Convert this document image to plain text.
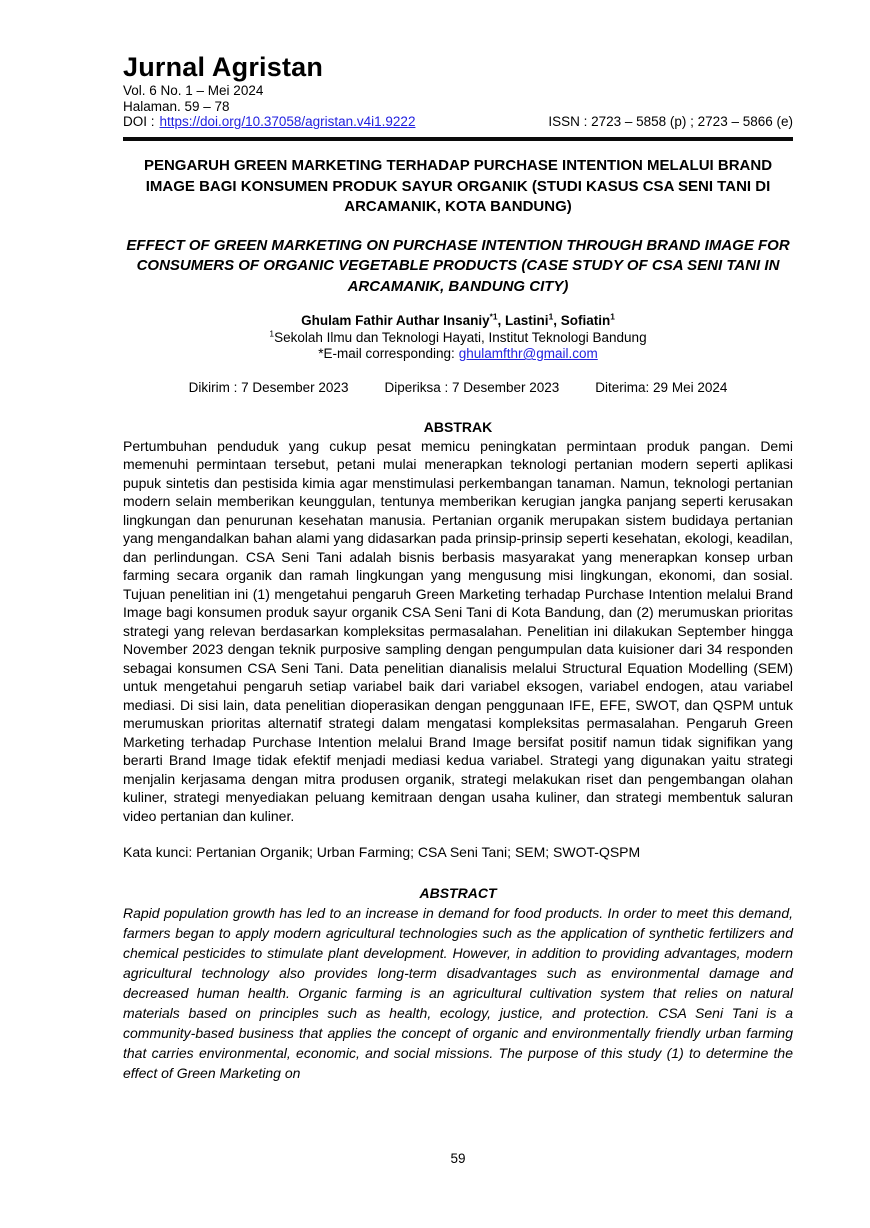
Jurnal Agristan
Vol. 6 No. 1 – Mei 2024
Halaman. 59 – 78
DOI : https://doi.org/10.37058/agristan.v4i1.9222	ISSN : 2723 – 5858 (p) ; 2723 – 5866 (e)
PENGARUH GREEN MARKETING TERHADAP PURCHASE INTENTION MELALUI BRAND IMAGE BAGI KONSUMEN PRODUK SAYUR ORGANIK (STUDI KASUS CSA SENI TANI DI ARCAMANIK, KOTA BANDUNG)
EFFECT OF GREEN MARKETING ON PURCHASE INTENTION THROUGH BRAND IMAGE FOR CONSUMERS OF ORGANIC VEGETABLE PRODUCTS (CASE STUDY OF CSA SENI TANI IN ARCAMANIK, BANDUNG CITY)
Ghulam Fathir Authar Insaniy$^{*1}$, Lastini$^1$, Sofiatin$^1$
$^1$Sekolah Ilmu dan Teknologi Hayati, Institut Teknologi Bandung
*E-mail corresponding: ghulamfthr@gmail.com
Dikirim : 7 Desember 2023	Diperiksa : 7 Desember 2023	Diterima: 29 Mei 2024
ABSTRAK

Pertumbuhan penduduk yang cukup pesat memicu peningkatan permintaan produk pangan. Demi memenuhi permintaan tersebut, petani mulai menerapkan teknologi pertanian modern seperti aplikasi pupuk sintetis dan pestisida kimia agar menstimulasi perkembangan tanaman. Namun, teknologi pertanian modern selain memberikan keunggulan, tentunya memberikan kerugian jangka panjang seperti kerusakan lingkungan dan penurunan kesehatan manusia. Pertanian organik merupakan sistem budidaya pertanian yang mengandalkan bahan alami yang didasarkan pada prinsip-prinsip seperti kesehatan, ekologi, keadilan, dan perlindungan. CSA Seni Tani adalah bisnis berbasis masyarakat yang menerapkan konsep urban farming secara organik dan ramah lingkungan yang mengusung misi lingkungan, ekonomi, dan sosial. Tujuan penelitian ini (1) mengetahui pengaruh Green Marketing terhadap Purchase Intention melalui Brand Image bagi konsumen produk sayur organik CSA Seni Tani di Kota Bandung, dan (2) merumuskan prioritas strategi yang relevan berdasarkan kompleksitas permasalahan. Penelitian ini dilakukan September hingga November 2023 dengan teknik purposive sampling dengan pengumpulan data kuisioner dari 34 responden sebagai konsumen CSA Seni Tani. Data penelitian dianalisis melalui Structural Equation Modelling (SEM) untuk mengetahui pengaruh setiap variabel baik dari variabel eksogen, variabel endogen, atau variabel mediasi. Di sisi lain, data penelitian dioperasikan dengan penggunaan IFE, EFE, SWOT, dan QSPM untuk merumuskan prioritas alternatif strategi dalam mengatasi kompleksitas permasalahan. Pengaruh Green Marketing terhadap Purchase Intention melalui Brand Image bersifat positif namun tidak signifikan yang berarti Brand Image tidak efektif menjadi mediasi kedua variabel. Strategi yang digunakan yaitu strategi menjalin kerjasama dengan mitra produsen organik, strategi melakukan riset dan pengembangan olahan kuliner, strategi menyediakan peluang kemitraan dengan usaha kuliner, dan strategi membentuk saluran video pertanian dan kuliner.

Kata kunci: Pertanian Organik; Urban Farming; CSA Seni Tani; SEM; SWOT-QSPM
ABSTRACT

Rapid population growth has led to an increase in demand for food products. In order to meet this demand, farmers began to apply modern agricultural technologies such as the application of synthetic fertilizers and chemical pesticides to stimulate plant development. However, in addition to providing advantages, modern agricultural technology also provides long-term disadvantages such as environmental damage and decreased human health. Organic farming is an agricultural cultivation system that relies on natural materials based on principles such as health, ecology, justice, and protection. CSA Seni Tani is a community-based business that applies the concept of organic and environmentally friendly urban farming that carries environmental, economic, and social missions. The purpose of this study (1) to determine the effect of Green Marketing on

59
